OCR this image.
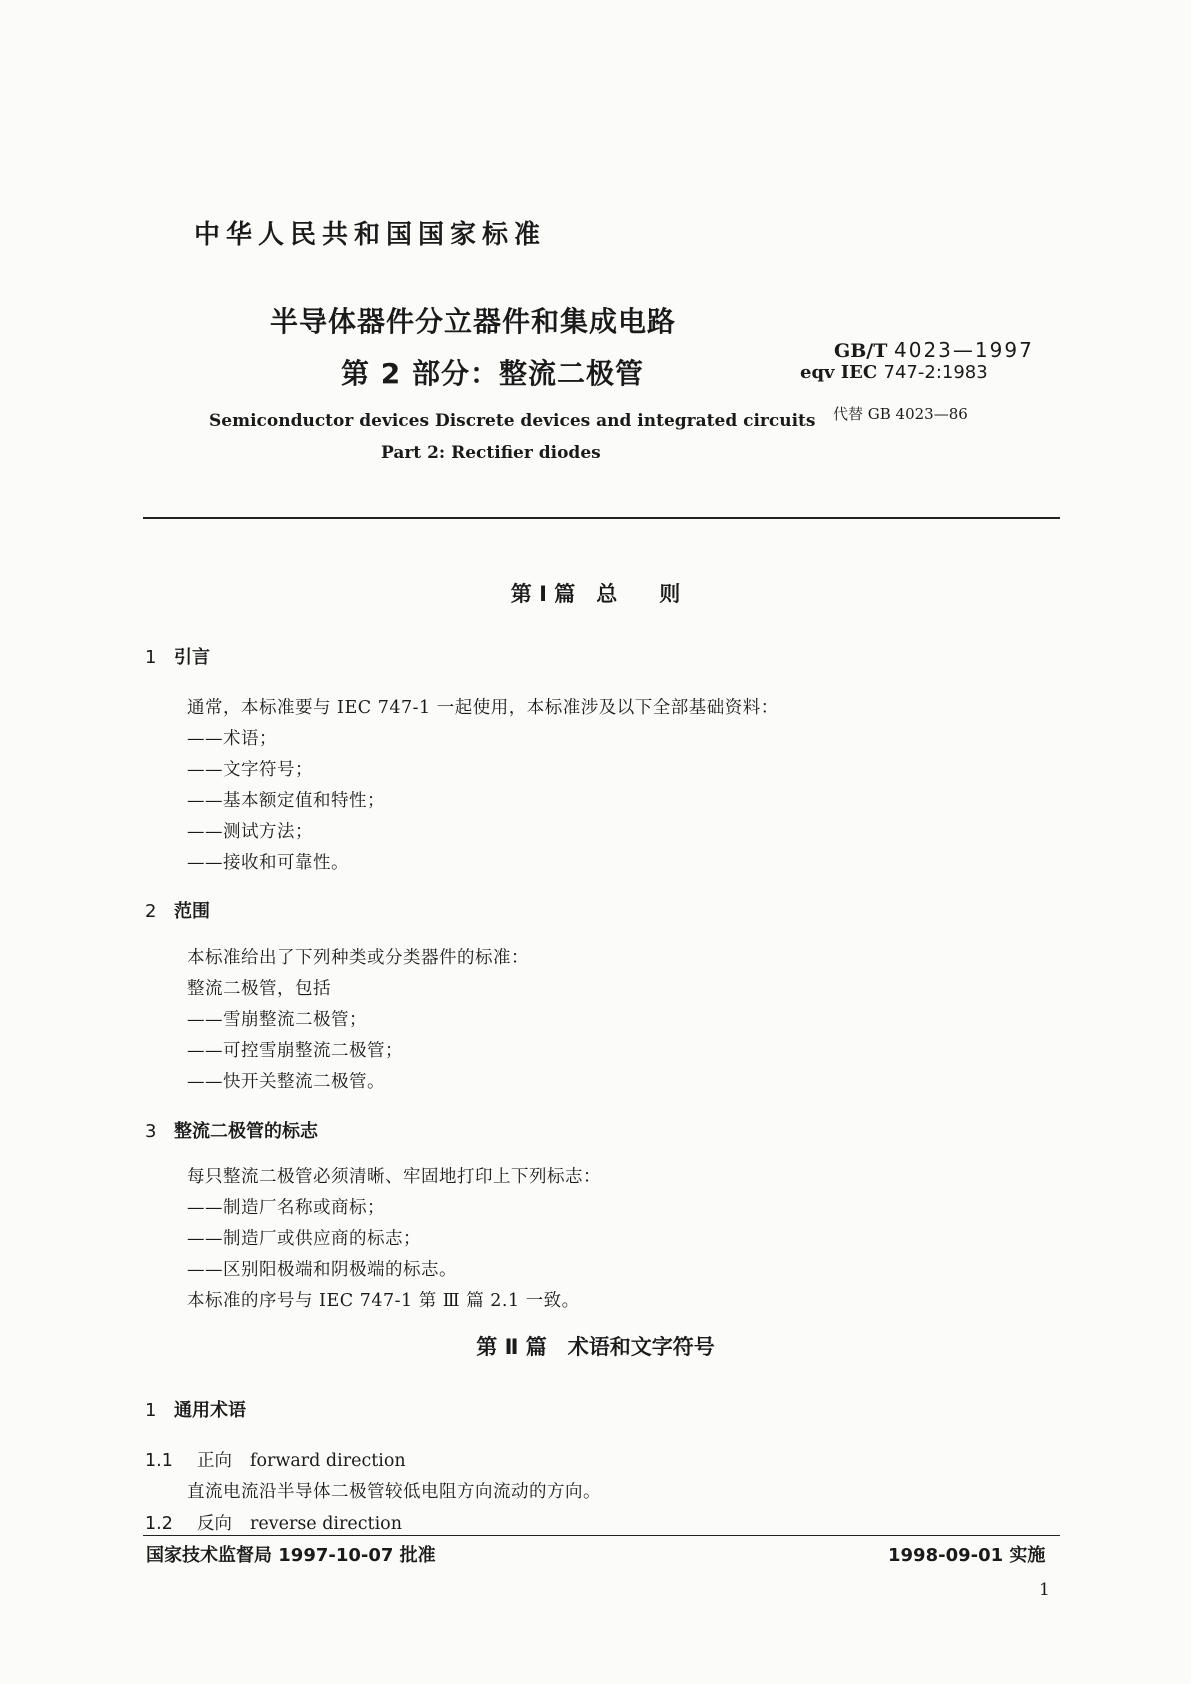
中华人民共和国国家标准
半导体器件分立器件和集成电路
第 2 部分：整流二极管
GB/T 4023—1997
eqv IEC 747-2:1983
代替 GB 4023—86
Semiconductor devices Discrete devices and integrated circuits
Part 2: Rectifier diodes
第 I 篇　总　　则
1 引言
通常，本标准要与 IEC 747-1 一起使用，本标准涉及以下全部基础资料：
——术语；
——文字符号；
——基本额定值和特性；
——测试方法；
——接收和可靠性。
2 范围
本标准给出了下列种类或分类器件的标准：
整流二极管，包括
——雪崩整流二极管；
——可控雪崩整流二极管；
——快开关整流二极管。
3 整流二极管的标志
每只整流二极管必须清晰、牢固地打印上下列标志：
——制造厂名称或商标；
——制造厂或供应商的标志；
——区别阳极端和阴极端的标志。
本标准的序号与 IEC 747-1 第 Ⅲ 篇 2.1 一致。
第 Ⅱ 篇　术语和文字符号
1 通用术语
1.1 正向 forward direction
直流电流沿半导体二极管较低电阻方向流动的方向。
1.2 反向 reverse direction
国家技术监督局 1997-10-07 批准	1998-09-01 实施
1
